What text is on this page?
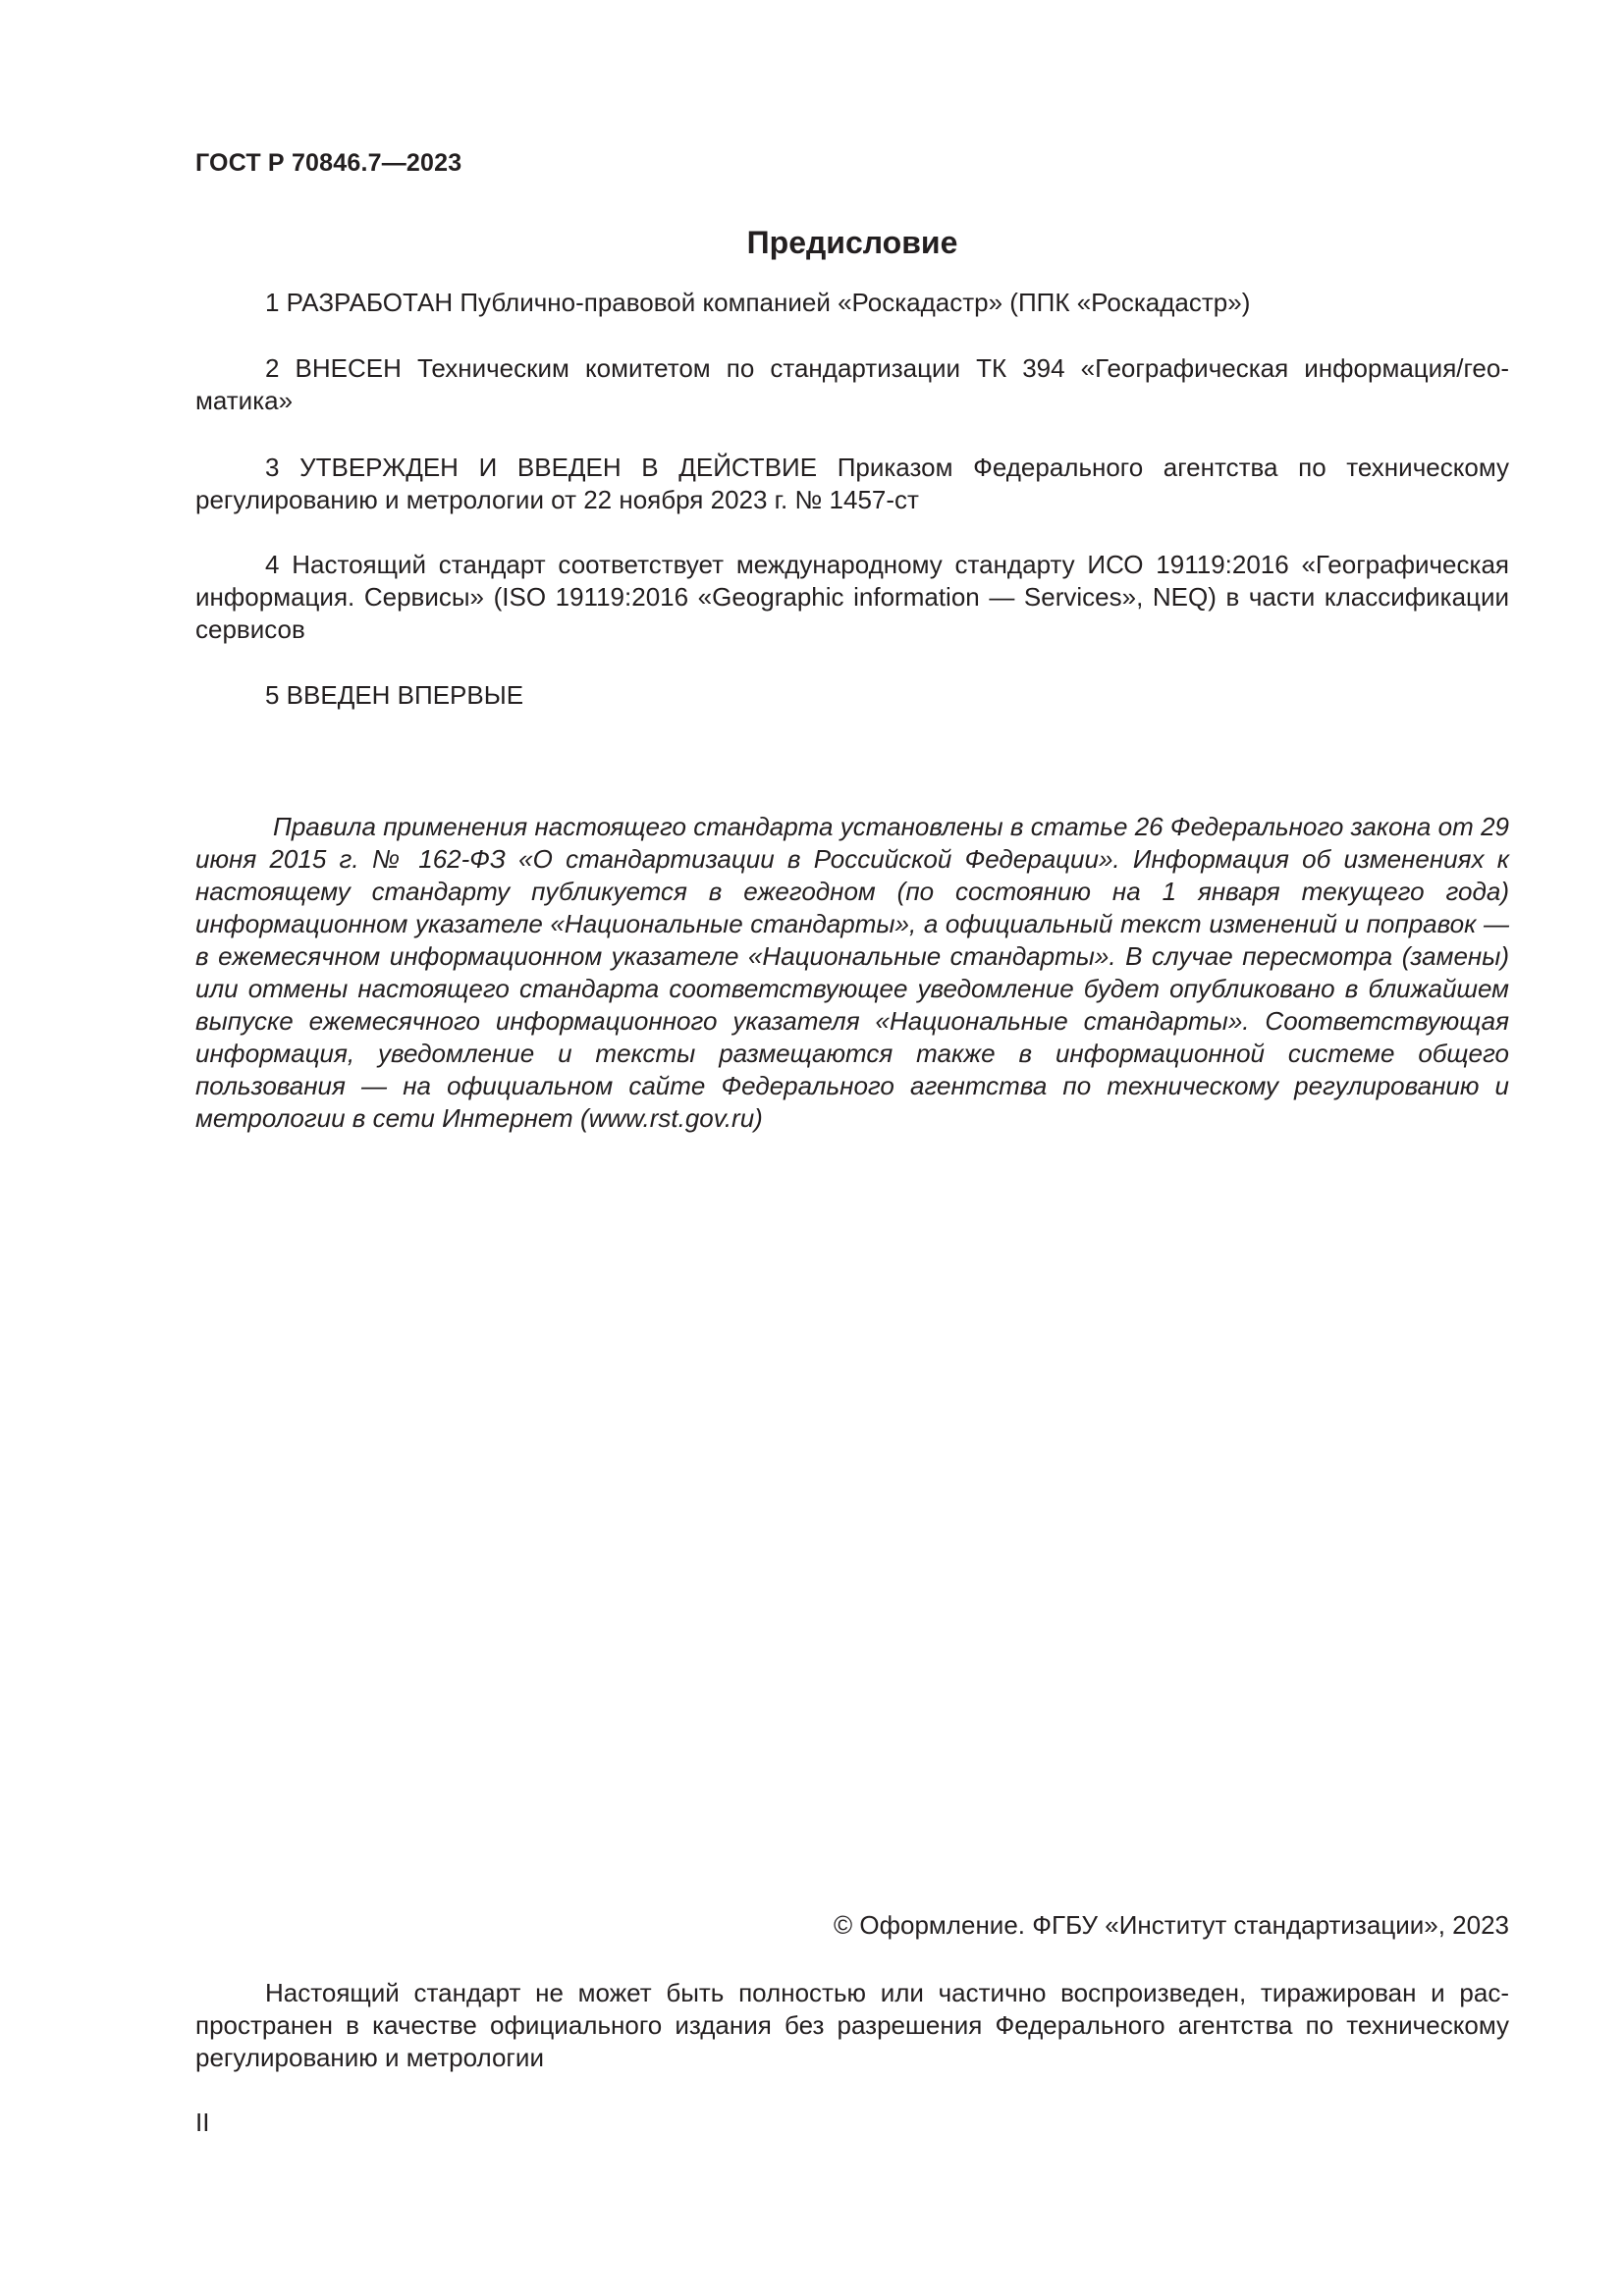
ГОСТ Р 70846.7—2023
Предисловие

1 РАЗРАБОТАН Публично-правовой компанией «Роскадастр» (ППК «Роскадастр»)

2 ВНЕСЕН Техническим комитетом по стандартизации ТК 394 «Географическая информация/геоматика»

3 УТВЕРЖДЕН И ВВЕДЕН В ДЕЙСТВИЕ Приказом Федерального агентства по техническому регулированию и метрологии от 22 ноября 2023 г. № 1457-ст

4 Настоящий стандарт соответствует международному стандарту ИСО 19119:2016 «Географическая информация. Сервисы» (ISO 19119:2016 «Geographic information — Services», NEQ) в части классификации сервисов

5 ВВЕДЕН ВПЕРВЫЕ

Правила применения настоящего стандарта установлены в статье 26 Федерального закона от 29 июня 2015 г. № 162-ФЗ «О стандартизации в Российской Федерации». Информация об изменениях к настоящему стандарту публикуется в ежегодном (по состоянию на 1 января текущего года) информационном указателе «Национальные стандарты», а официальный текст изменений и поправок — в ежемесячном информационном указателе «Национальные стандарты». В случае пересмотра (замены) или отмены настоящего стандарта соответствующее уведомление будет опубликовано в ближайшем выпуске ежемесячного информационного указателя «Национальные стандарты». Соответствующая информация, уведомление и тексты размещаются также в информационной системе общего пользования — на официальном сайте Федерального агентства по техническому регулированию и метрологии в сети Интернет (www.rst.gov.ru)

© Оформление. ФГБУ «Институт стандартизации», 2023

Настоящий стандарт не может быть полностью или частично воспроизведен, тиражирован и распространен в качестве официального издания без разрешения Федерального агентства по техническому регулированию и метрологии

II
